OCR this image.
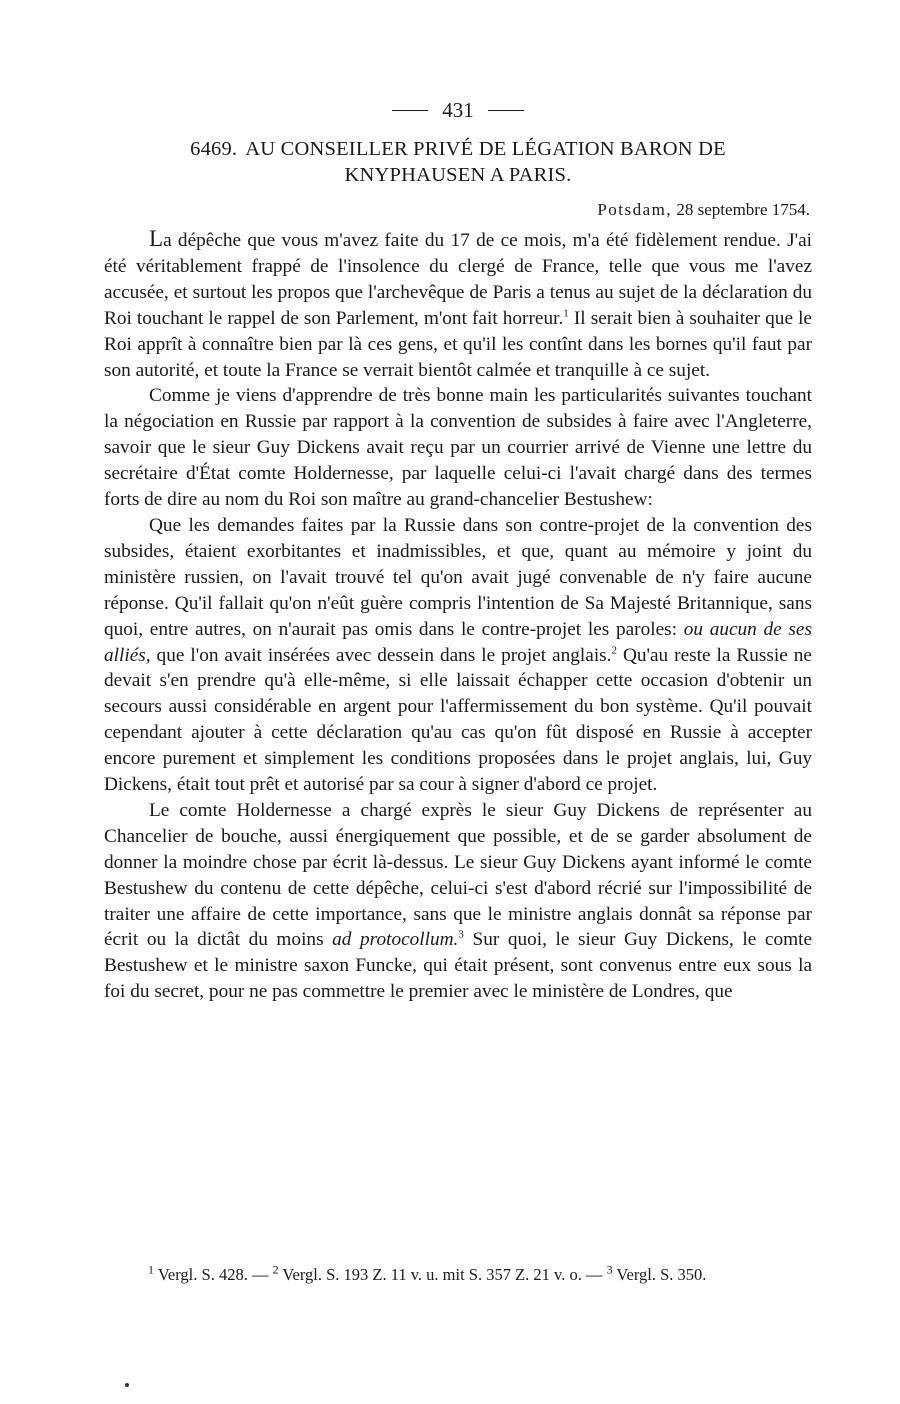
431
6469. AU CONSEILLER PRIVÉ DE LÉGATION BARON DE
KNYPHAUSEN A PARIS.
Potsdam, 28 septembre 1754.

La dépêche que vous m'avez faite du 17 de ce mois, m'a été fidèlement rendue. J'ai été véritablement frappé de l'insolence du clergé de France, telle que vous me l'avez accusée, et surtout les propos que l'archevêque de Paris a tenus au sujet de la déclaration du Roi touchant le rappel de son Parlement, m'ont fait horreur.$^1$ Il serait bien à souhaiter que le Roi apprît à connaître bien par là ces gens, et qu'il les contînt dans les bornes qu'il faut par son autorité, et toute la France se verrait bientôt calmée et tranquille à ce sujet.

Comme je viens d'apprendre de très bonne main les particularités suivantes touchant la négociation en Russie par rapport à la convention de subsides à faire avec l'Angleterre, savoir que le sieur Guy Dickens avait reçu par un courrier arrivé de Vienne une lettre du secrétaire d'État comte Holdernesse, par laquelle celui-ci l'avait chargé dans des termes forts de dire au nom du Roi son maître au grand-chancelier Bestushew:

Que les demandes faites par la Russie dans son contre-projet de la convention des subsides, étaient exorbitantes et inadmissibles, et que, quant au mémoire y joint du ministère russien, on l'avait trouvé tel qu'on avait jugé convenable de n'y faire aucune réponse. Qu'il fallait qu'on n'eût guère compris l'intention de Sa Majesté Britannique, sans quoi, entre autres, on n'aurait pas omis dans le contre-projet les paroles: ou aucun de ses alliés, que l'on avait insérées avec dessein dans le projet anglais.$^2$ Qu'au reste la Russie ne devait s'en prendre qu'à elle-même, si elle laissait échapper cette occasion d'obtenir un secours aussi considérable en argent pour l'affermissement du bon système. Qu'il pouvait cependant ajouter à cette déclaration qu'au cas qu'on fût disposé en Russie à accepter encore purement et simplement les conditions proposées dans le projet anglais, lui, Guy Dickens, était tout prêt et autorisé par sa cour à signer d'abord ce projet.

Le comte Holdernesse a chargé exprès le sieur Guy Dickens de représenter au Chancelier de bouche, aussi énergiquement que possible, et de se garder absolument de donner la moindre chose par écrit là-dessus. Le sieur Guy Dickens ayant informé le comte Bestushew du contenu de cette dépêche, celui-ci s'est d'abord récrié sur l'impossibilité de traiter une affaire de cette importance, sans que le ministre anglais donnât sa réponse par écrit ou la dictât du moins ad protocollum.$^3$ Sur quoi, le sieur Guy Dickens, le comte Bestushew et le ministre saxon Funcke, qui était présent, sont convenus entre eux sous la foi du secret, pour ne pas commettre le premier avec le ministère de Londres, que

$^1$ Vergl. S. 428. — $^2$ Vergl. S. 193 Z. 11 v. u. mit S. 357 Z. 21 v. o. — $^3$ Vergl. S. 350.
